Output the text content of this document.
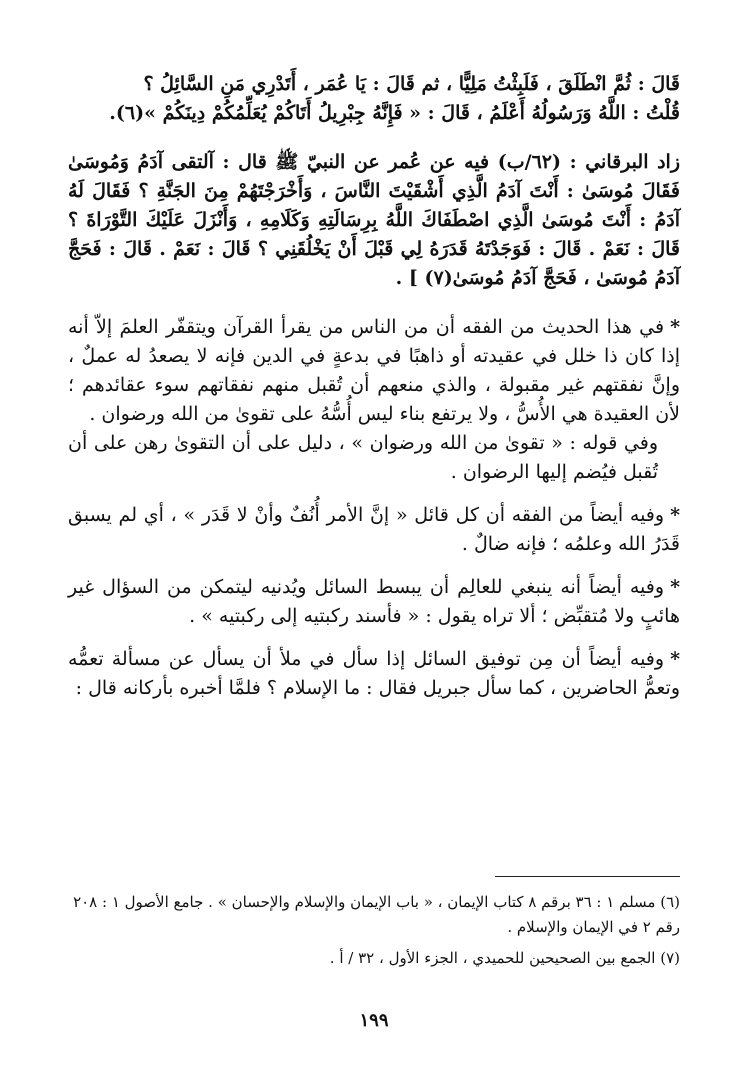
قَالَ : ثُمَّ انْطَلَقَ ، فَلَبِثْتُ مَلِيًّا ، ثم قَالَ : يَا عُمَر ، أَتَدْرِي مَنِ السَّائِلُ ؟

قُلْتُ : اللَّهُ وَرَسُولُهُ أَعْلَمُ ، قَالَ : « فَإِنَّهُ جِبْرِيلُ أَتَاكُمْ يُعَلِّمُكُمْ دِينَكُمْ »(٦).

زاد البرقاني : (٦٢/ب) فيه عن عُمر عن النبيّ ﷺ قال : آلتقى آدَمُ وَمُوسَىٰ فَقَالَ مُوسَىٰ : أَنْتَ آدَمُ الَّذِي أَشْقَيْتَ النَّاسَ ، وَأَخْرَجْتَهُمْ مِنَ الجَنَّةِ ؟ فَقَالَ لَهُ آدَمُ : أَنْتَ مُوسَىٰ الَّذِي اصْطَفَاكَ اللَّهُ بِرِسَالَتِهِ وَكَلَامِهِ ، وَأَنْزَلَ عَلَيْكَ التَّوْرَاةَ ؟ قَالَ : نَعَمْ . قَالَ : فَوَجَدْتَهُ قَدَرَهُ لِي قَبْلَ أَنْ يَخْلُقَنِي ؟ قَالَ : نَعَمْ . قَالَ : فَحَجَّ آدَمُ مُوسَىٰ ، فَحَجَّ آدَمُ مُوسَىٰ(٧) ] .

*في هذا الحديث من الفقه أن من الناس من يقرأ القرآن ويتقفّر العلمَ إلاّ أنه إذا كان ذا خلل في عقيدته أو ذاهبًا في بدعةٍ في الدين فإنه لا يصعدُ له عملٌ ، وإنَّ نفقتهم غير مقبولة ، والذي منعهم أن تُقبل منهم نفقاتهم سوء عقائدهم ؛ لأن العقيدة هي الأُسُّ ، ولا يرتفع بناء ليس أُسُّهُ على تقوىٰ من الله ورضوان .

وفي قوله : « تقوىٰ من الله ورضوان » ، دليل على أن التقوىٰ رهن على أن تُقبل فيُضم إليها الرضوان .

*وفيه أيضاً من الفقه أن كل قائل « إنَّ الأمر أُنُفٌ وأنْ لا قَدَر » ، أي لم يسبق قَدَرُ الله وعلمُه ؛ فإنه ضالٌ .

*وفيه أيضاً أنه ينبغي للعالِم أن يبسط السائل ويُدنيه ليتمكن من السؤال غير هائبٍ ولا مُتقبِّض ؛ ألا تراه يقول : « فأسند ركبتيه إلى ركبتيه » .

*وفيه أيضاً أن مِن توفيق السائل إذا سأل في ملأ أن يسأل عن مسألة تعمُّه وتعمُّ الحاضرين ، كما سأل جبريل فقال : ما الإسلام ؟ فلمَّا أخبره بأركانه قال :

(٦) مسلم ١ : ٣٦ برقم ٨ كتاب الإيمان ، « باب الإيمان والإسلام والإحسان » . جامع الأصول ١ : ٢٠٨ رقم ٢ في الإيمان والإسلام .

(٧) الجمع بين الصحيحين للحميدي ، الجزء الأول ، ٣٢ / أ .

١٩٩
